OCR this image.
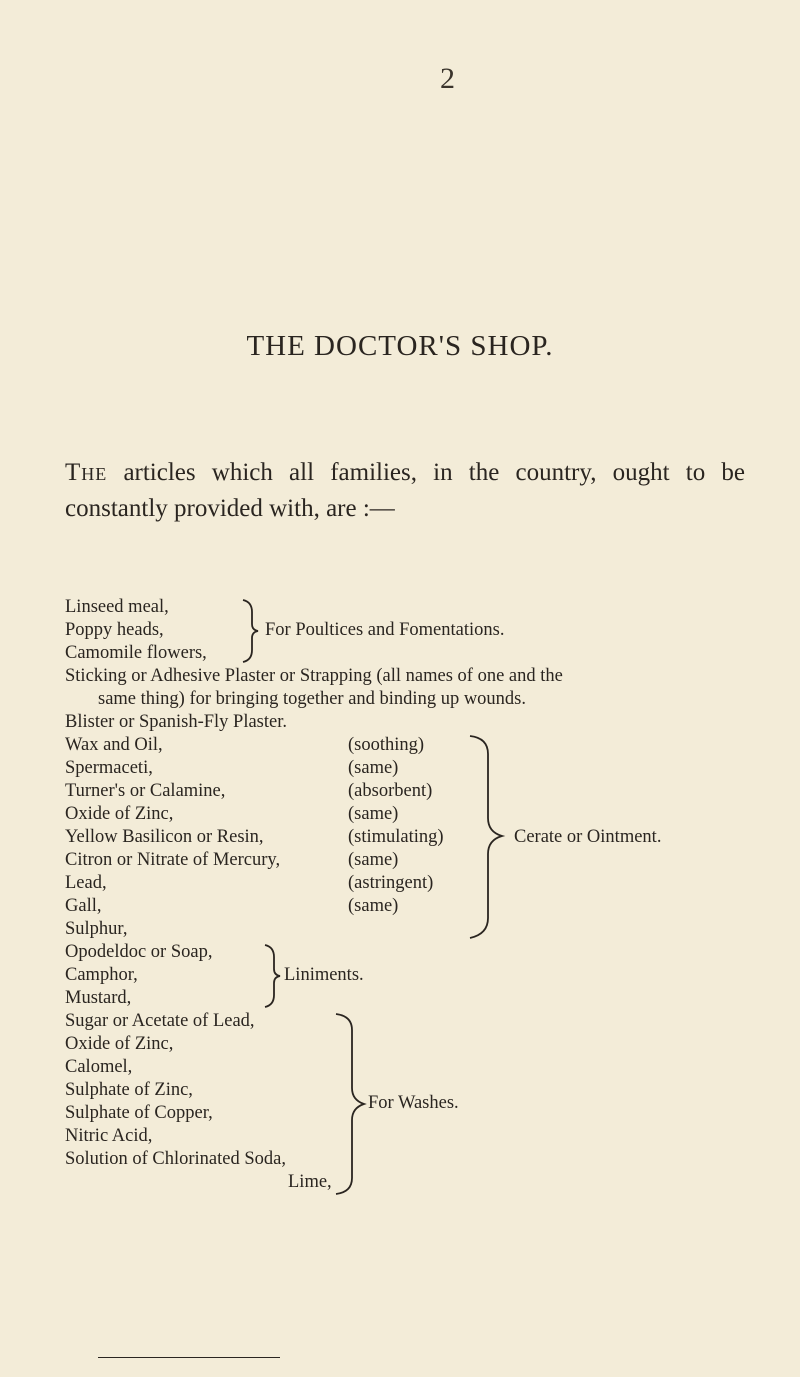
2
THE DOCTOR'S SHOP.
The articles which all families, in the country, ought to be constantly provided with, are :—
Linseed meal,
Poppy heads,
Camomile flowers,
For Poultices and Fomentations.
Sticking or Adhesive Plaster or Strapping (all names of one and the
same thing) for bringing together and binding up wounds.
Blister or Spanish-Fly Plaster.
Wax and Oil,	(soothing)
Spermaceti,	(same)
Turner's or Calamine,	(absorbent)
Oxide of Zinc,	(same)
Yellow Basilicon or Resin,	(stimulating)
Citron or Nitrate of Mercury,	(same)
Lead,	(astringent)
Gall,	(same)
Sulphur,
Cerate or Ointment.
Opodeldoc or Soap,
Camphor,
Mustard,
Liniments.
Sugar or Acetate of Lead,
Oxide of Zinc,
Calomel,
Sulphate of Zinc,
Sulphate of Copper,
Nitric Acid,
Solution of Chlorinated Soda,
Lime,
For Washes.
